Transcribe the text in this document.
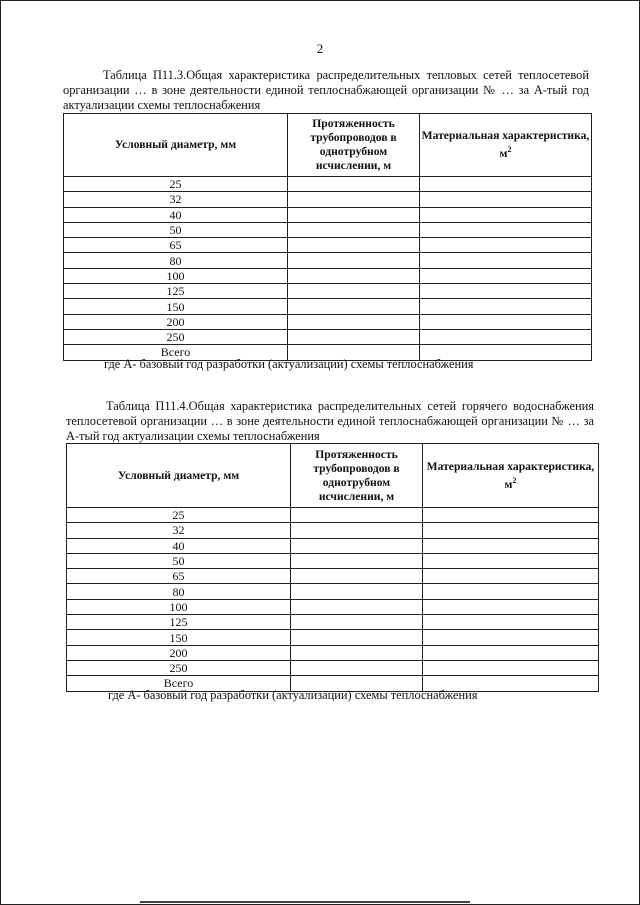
2
Таблица П11.3.Общая характеристика распределительных тепловых сетей теплосетевой организации … в зоне деятельности единой теплоснабжающей организации № … за А-тый год актуализации схемы теплоснабжения
Условный диаметр, мм	Протяженность трубопроводов в однотрубном исчислении, м	Материальная характеристика, $м^2$
25		
32		
40		
50		
65		
80		
100		
125		
150		
200		
250		
Всего		
где А- базовый год разработки (актуализации) схемы теплоснабжения
Таблица П11.4.Общая характеристика распределительных сетей горячего водоснабжения теплосетевой организации … в зоне деятельности единой теплоснабжающей организации № … за А-тый год актуализации схемы теплоснабжения
Условный диаметр, мм	Протяженность трубопроводов в однотрубном исчислении, м	Материальная характеристика, $м^2$
25		
32		
40		
50		
65		
80		
100		
125		
150		
200		
250		
Всего		
где А- базовый год разработки (актуализации) схемы теплоснабжения
